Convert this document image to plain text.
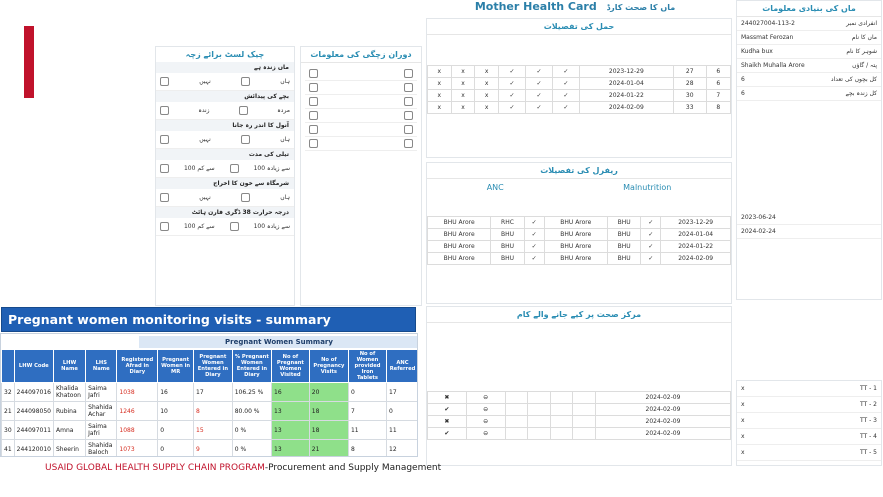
چیک لسٹ برائے زچہ
ماں زندہ ہے
نہیں	ہاں
بچے کی پیدائش
زندہ	مردہ
آنول کا اندر رہ جانا
نہیں	ہاں
تیلی کی مدت
سے کم 100	سے زیادہ 100
شرمگاہ سے خون کا اخراج
نہیں	ہاں
درجہ حرارت 38 ڈگری فارن ہائٹ
سے کم 100	سے زیادہ 100
دوران زچگی کی معلومات
Mother Health Card ماں کا صحت کارڈ
حمل کی تفصیلات
x	x	x	✓	✓	✓	2023-12-29	27	6
x	x	x	✓	✓	✓	2024-01-04	28	6
x	x	x	✓	✓	✓	2024-01-22	30	7
x	x	x	✓	✓	✓	2024-02-09	33	8
ماں کی بنیادی معلومات
244027004-113-2	انفرادی نمبر
Massmat Ferozan	ماں کا نام
Kudha bux	شوہر کا نام
Shaikh Muhalla Arore	پتہ / گاؤں
6	کل بچوں کی تعداد
6	کل زندہ بچے
2023-06-24
2024-02-24
ریفرل کی تفصیلات
ANC	Malnutrition
BHU Arore	RHC	✓	BHU Arore	BHU	✓	2023-12-29
BHU Arore	BHU	✓	BHU Arore	BHU	✓	2024-01-04
BHU Arore	BHU	✓	BHU Arore	BHU	✓	2024-01-22
BHU Arore	BHU	✓	BHU Arore	BHU	✓	2024-02-09
مرکز صحت پر کیے جانے والے کام
✖	⊖					2024-02-09
✔	⊖					2024-02-09
✖	⊖					2024-02-09
✔	⊖					2024-02-09
x	TT - 1
x	TT - 2
x	TT - 3
x	TT - 4
x	TT - 5
Pregnant women monitoring visits - summary
Pregnant Women Summary
	LHW Code	LHW Name	LHS Name	Registered Afrad in Diary	Pregnant Women in MR	Pregnant Women Entered in Diary	% Pregnant Women Entered in Diary	No of Pregnant Women Visited	No of Pregnancy Visits	No of Women provided Iron Tablets	ANC Referred
32	244097016	Khalida Khatoon	Saima Jafri	1038	16	17	106.25 %	16	20	0	17
21	244098050	Rubina	Shahida Achar	1246	10	8	80.00 %	13	18	7	0
30	244097011	Amna	Saima Jafri	1088	0	15	0 %	13	18	11	11
41	244120010	Sheerin	Shahida Baloch	1073	0	9	0 %	13	21	8	12
USAID GLOBAL HEALTH SUPPLY CHAIN PROGRAM-Procurement and Supply Management
